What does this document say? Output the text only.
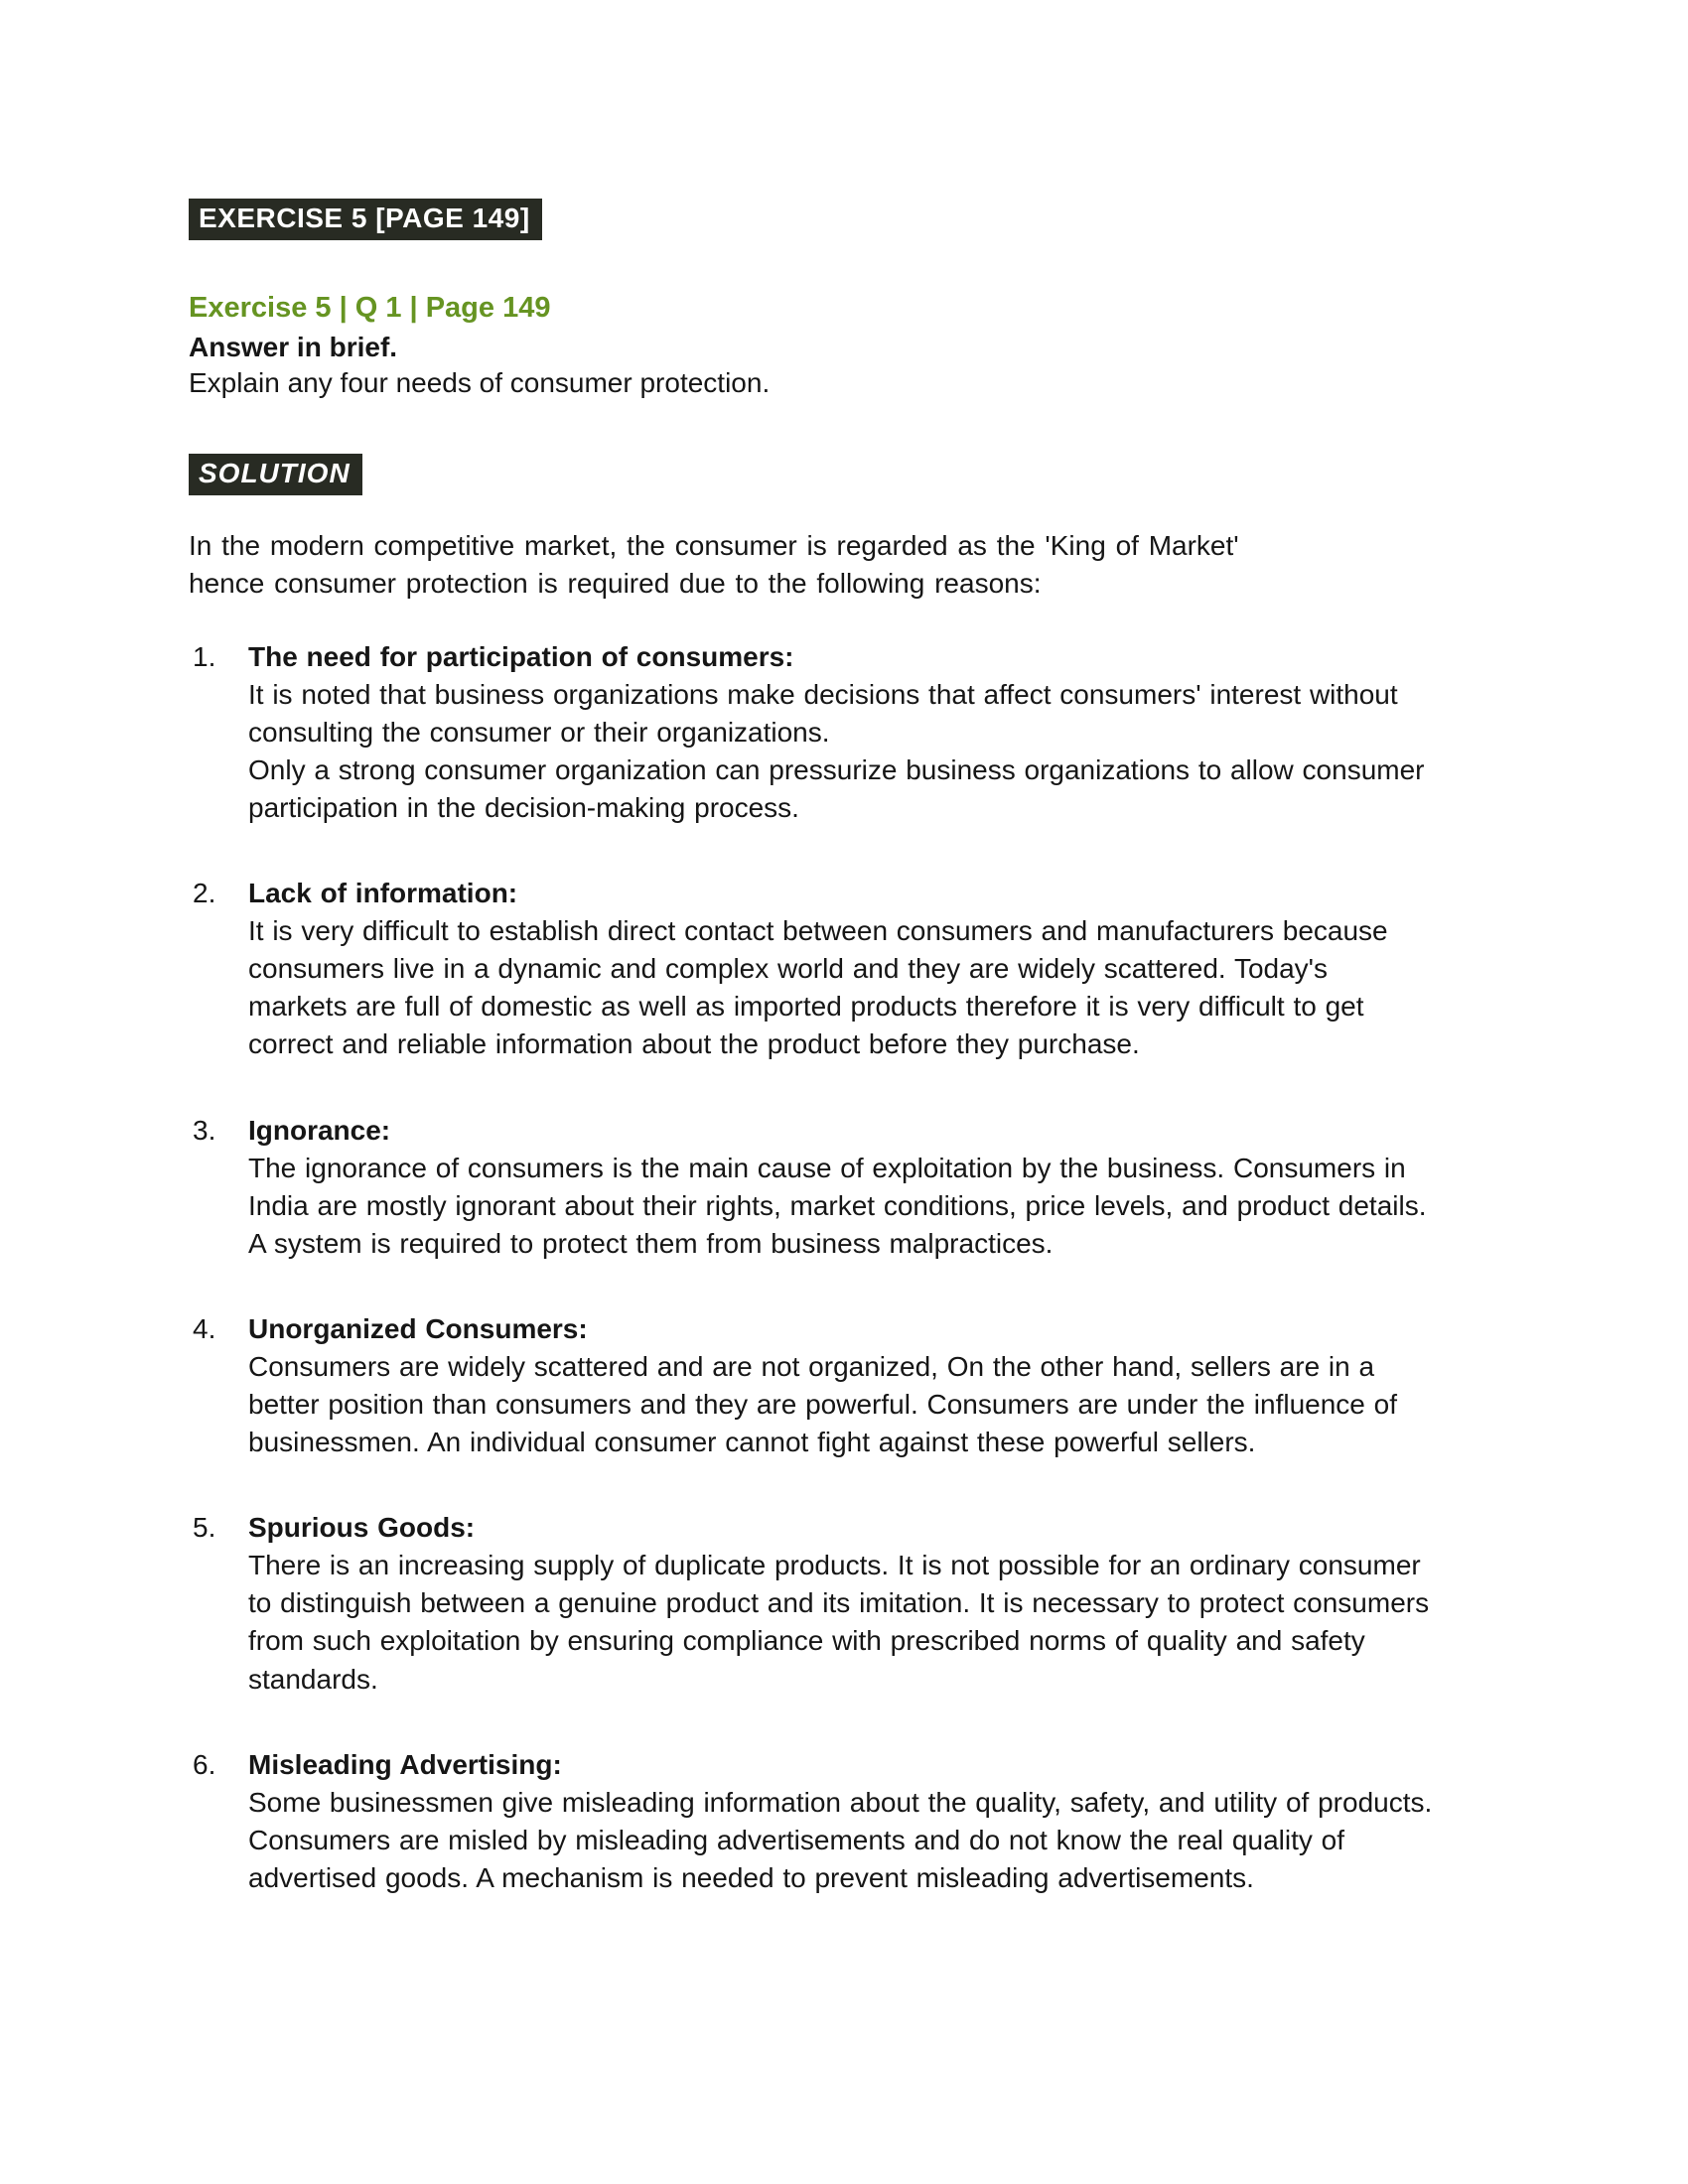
EXERCISE 5 [PAGE 149]
Exercise 5 | Q 1 | Page 149

Answer in brief.

Explain any four needs of consumer protection.

SOLUTION

In the modern competitive market, the consumer is regarded as the 'King of Market' hence consumer protection is required due to the following reasons:

1. The need for participation of consumers:
It is noted that business organizations make decisions that affect consumers' interest without consulting the consumer or their organizations.
Only a strong consumer organization can pressurize business organizations to allow consumer participation in the decision-making process.
2. Lack of information:
It is very difficult to establish direct contact between consumers and manufacturers because consumers live in a dynamic and complex world and they are widely scattered. Today's markets are full of domestic as well as imported products therefore it is very difficult to get correct and reliable information about the product before they purchase.
3. Ignorance:
The ignorance of consumers is the main cause of exploitation by the business. Consumers in India are mostly ignorant about their rights, market conditions, price levels, and product details. A system is required to protect them from business malpractices.
4. Unorganized Consumers:
Consumers are widely scattered and are not organized, On the other hand, sellers are in a better position than consumers and they are powerful. Consumers are under the influence of businessmen. An individual consumer cannot fight against these powerful sellers.
5. Spurious Goods:
There is an increasing supply of duplicate products. It is not possible for an ordinary consumer to distinguish between a genuine product and its imitation. It is necessary to protect consumers from such exploitation by ensuring compliance with prescribed norms of quality and safety standards.
6. Misleading Advertising:
Some businessmen give misleading information about the quality, safety, and utility of products. Consumers are misled by misleading advertisements and do not know the real quality of advertised goods. A mechanism is needed to prevent misleading advertisements.
